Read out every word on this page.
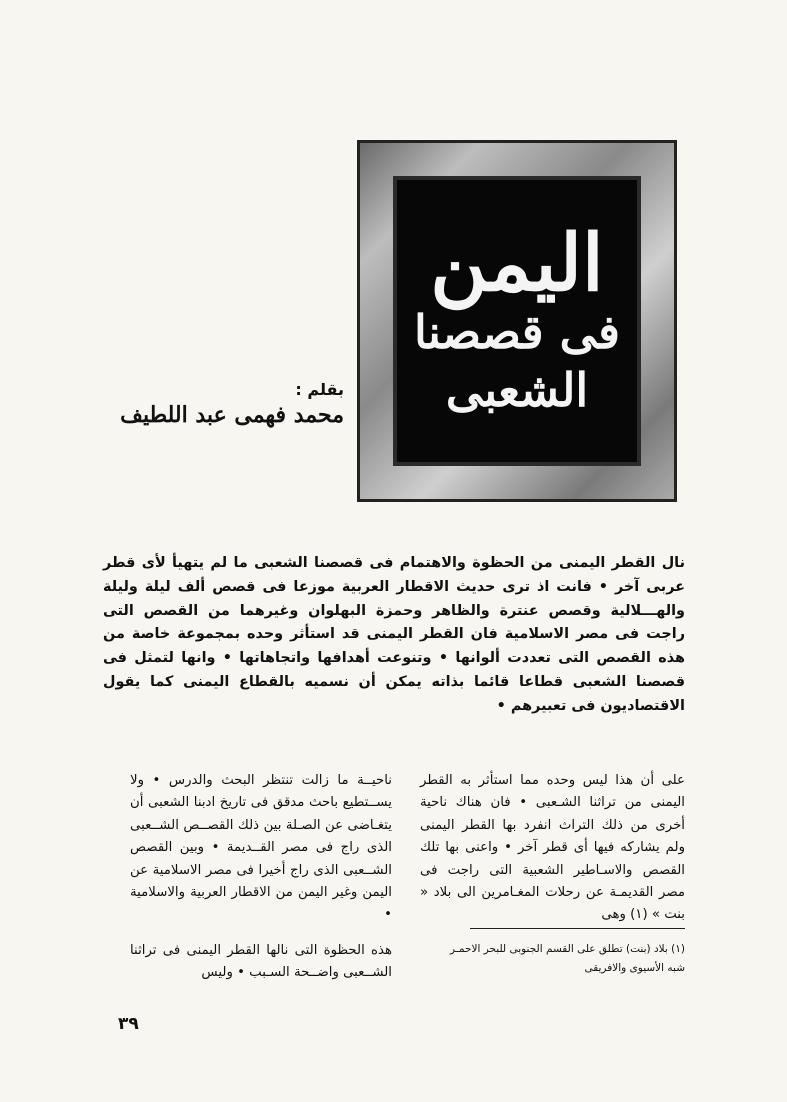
اليمن

فى قصصنا

الشعبى

بقلم :
محمد فهمى عبد اللطيف

نال القطر اليمنى من الحظوة والاهتمام فى قصصنا الشعبى ما لم يتهيأ لأى قطر عربى آخر • فانت اذ ترى حديث الاقطار العربية موزعا فى قصص ألف ليلة وليلة والهـــلالية وقصص عنترة والظاهر وحمزة البهلوان وغيرهما من القصص التى راجت فى مصر الاسلامية فان القطر اليمنى قد استأثر وحده بمجموعة خاصة من هذه القصص التى تعددت ألوانها • وتنوعت أهدافها واتجاهاتها • وانها لتمثل فى قصصنا الشعبى قطاعا قائما بذاته يمكن أن نسميه بالقطاع اليمنى كما يقول الاقتصاديون فى تعبيرهم •

على أن هذا ليس وحده مما استأثر به القطر اليمنى من تراثنا الشـعبى • فان هناك ناحية أخرى من ذلك التراث انفرد بها القطر اليمنى ولم يشاركه فيها أى قطر آخر • واعنى بها تلك القصص والاسـاطير الشعبية التى راجت فى مصر القديمـة عن رحلات المغـامرين الى بلاد « بنت » (١) وهى

ناحيــة ما زالت تنتظر البحث والدرس • ولا يســتطيع باحث مدقق فى تاريخ ادبنا الشعبى أن يتغـاضى عن الصـلة بين ذلك القصــص الشــعبى الذى راج فى مصر القــديمة • وبين القصص الشــعبى الذى راج أخيرا فى مصر الاسلامية عن اليمن وغير اليمن من الاقطار العربية والاسلامية •

هذه الحظوة التى نالها القطر اليمنى فى تراثنا الشــعبى واضــحة السـبب • وليس

(١) بلاد (بنت) تطلق على القسم الجنوبى للبحر الاحمـر
شبه الأسيوى والافريقى
٣٩
